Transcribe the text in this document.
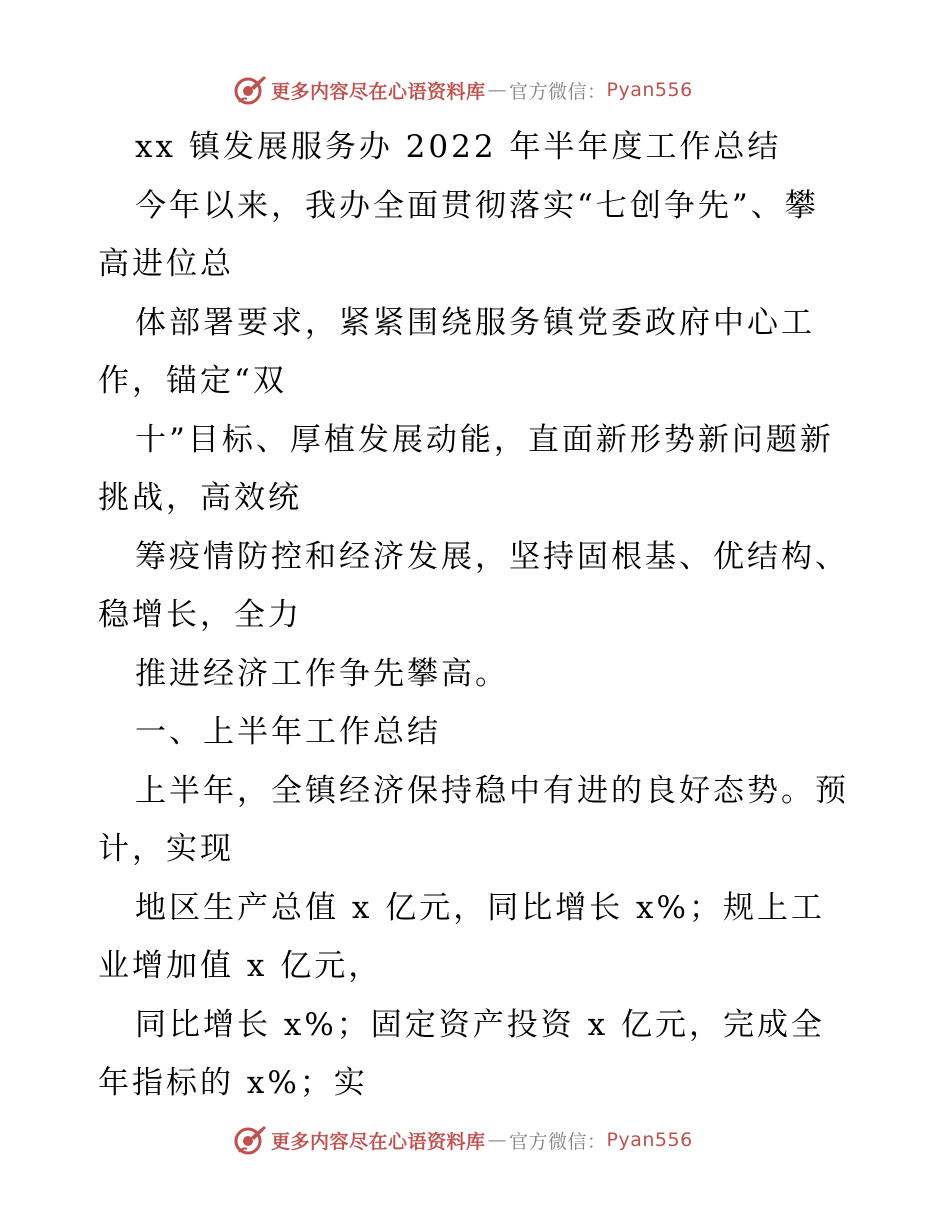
更多内容尽在心语资料库 — 官方微信： Pyan556
xx 镇发展服务办 2022 年半年度工作总结
今年以来，我办全面贯彻落实“七创争先”、攀
高进位总
体部署要求，紧紧围绕服务镇党委政府中心工
作，锚定“双
十”目标、厚植发展动能，直面新形势新问题新
挑战，高效统
筹疫情防控和经济发展，坚持固根基、优结构、
稳增长，全力
推进经济工作争先攀高。
一、上半年工作总结
上半年，全镇经济保持稳中有进的良好态势。预
计，实现
地区生产总值 x 亿元，同比增长 x%；规上工
业增加值 x 亿元，
同比增长 x%；固定资产投资 x 亿元，完成全
年指标的 x%；实
更多内容尽在心语资料库 — 官方微信： Pyan556
